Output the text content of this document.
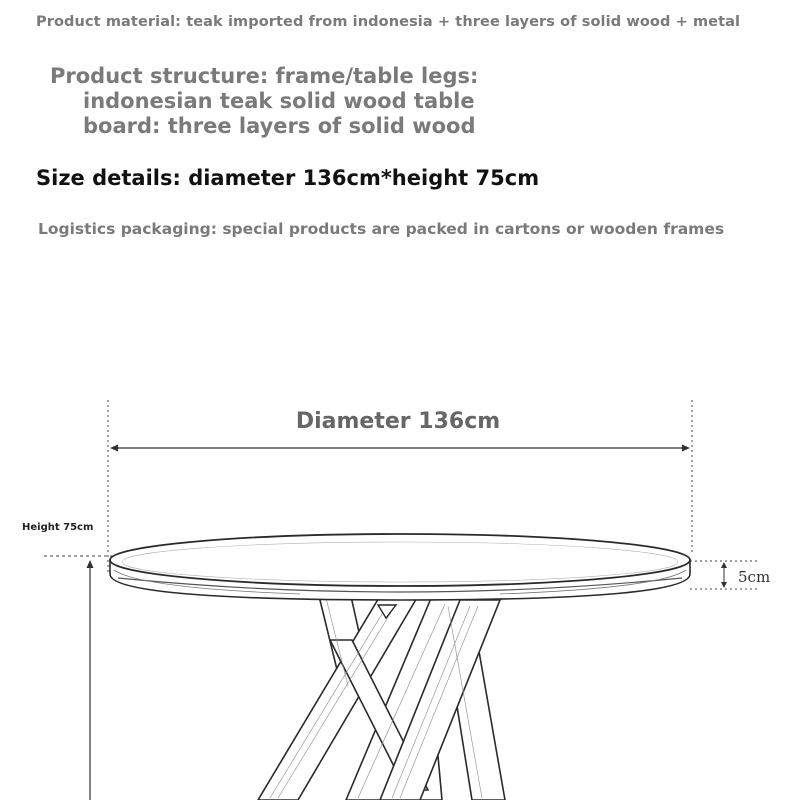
Product material: teak imported from indonesia + three layers of solid wood + metal
Product structure: frame/table legs:
indonesian teak solid wood table
board: three layers of solid wood
Size details: diameter 136cm*height 75cm
Logistics packaging: special products are packed in cartons or wooden frames
Diameter 136cm
Height 75cm
5cm
